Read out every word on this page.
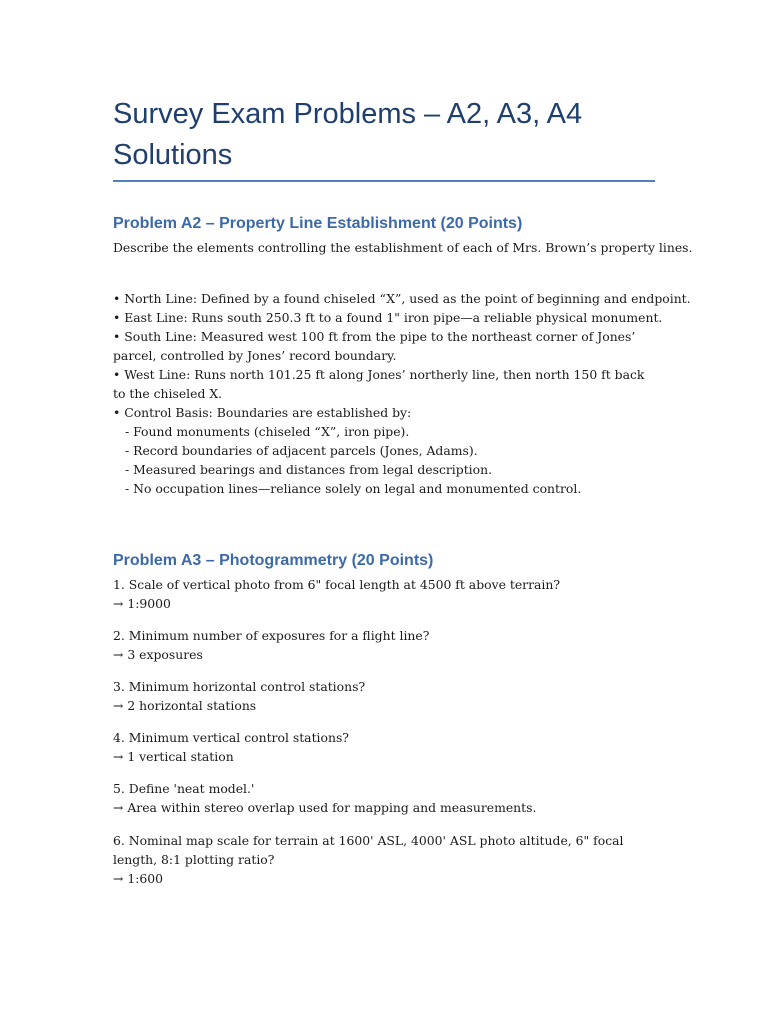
Survey Exam Problems – A2, A3, A4 Solutions
Problem A2 – Property Line Establishment (20 Points)

Describe the elements controlling the establishment of each of Mrs. Brown’s property lines.

• North Line: Defined by a found chiseled “X”, used as the point of beginning and endpoint.
• East Line: Runs south 250.3 ft to a found 1" iron pipe—a reliable physical monument.
• South Line: Measured west 100 ft from the pipe to the northeast corner of Jones’ parcel, controlled by Jones’ record boundary.
• West Line: Runs north 101.25 ft along Jones’ northerly line, then north 150 ft back to the chiseled X.
• Control Basis: Boundaries are established by:
- Found monuments (chiseled “X”, iron pipe).
- Record boundaries of adjacent parcels (Jones, Adams).
- Measured bearings and distances from legal description.
- No occupation lines—reliance solely on legal and monumented control.
Problem A3 – Photogrammetry (20 Points)
1. Scale of vertical photo from 6" focal length at 4500 ft above terrain?
→ 1:9000
2. Minimum number of exposures for a flight line?
→ 3 exposures
3. Minimum horizontal control stations?
→ 2 horizontal stations
4. Minimum vertical control stations?
→ 1 vertical station
5. Define 'neat model.'
→ Area within stereo overlap used for mapping and measurements.
6. Nominal map scale for terrain at 1600' ASL, 4000' ASL photo altitude, 6" focal length, 8:1 plotting ratio?
→ 1:600
